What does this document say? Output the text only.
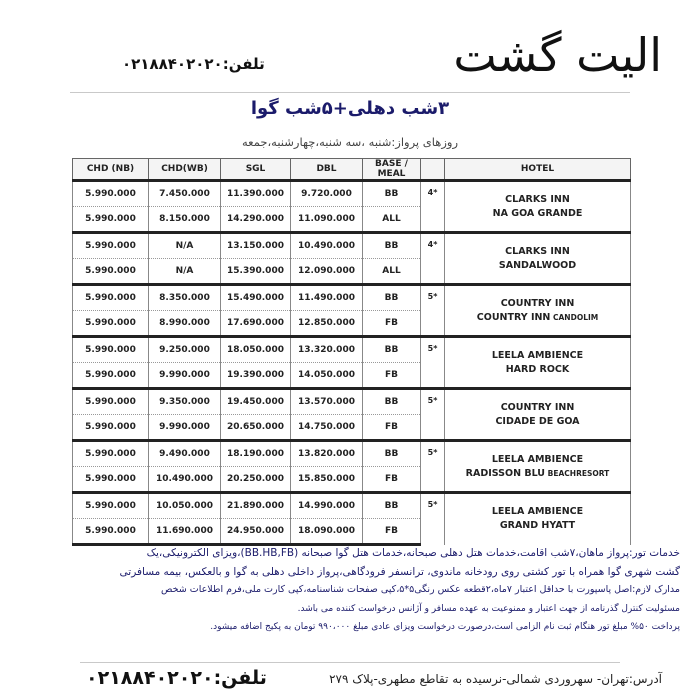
الیت گشت
تلفن:۰۲۱۸۸۴۰۲۰۲۰
۳شب دهلی+۵شب گوا
روزهای پرواز:شنبه ،سه شنبه،چهارشنبه،جمعه
CHD (NB)	CHD(WB)	SGL	DBL	BASE / MEAL		HOTEL
5.990.000	7.450.000	11.390.000	9.720.000	BB	4*	CLARKS INN
NA GOA GRANDE

5.990.000	8.150.000	14.290.000	11.090.000	ALL		
5.990.000	N/A	13.150.000	10.490.000	BB	4*	CLARKS INN
SANDALWOOD

5.990.000	N/A	15.390.000	12.090.000	ALL		
5.990.000	8.350.000	15.490.000	11.490.000	BB	5*	COUNTRY INN
COUNTRY INN CANDOLIM

5.990.000	8.990.000	17.690.000	12.850.000	FB		
5.990.000	9.250.000	18.050.000	13.320.000	BB	5*	LEELA AMBIENCE
HARD ROCK

5.990.000	9.990.000	19.390.000	14.050.000	FB		
5.990.000	9.350.000	19.450.000	13.570.000	BB	5*	COUNTRY INN
CIDADE DE GOA

5.990.000	9.990.000	20.650.000	14.750.000	FB		
5.990.000	9.490.000	18.190.000	13.820.000	BB	5*	LEELA AMBIENCE
RADISSON BLU BEACHRESORT

5.990.000	10.490.000	20.250.000	15.850.000	FB		
5.990.000	10.050.000	21.890.000	14.990.000	BB	5*	LEELA AMBIENCE
GRAND HYATT

5.990.000	11.690.000	24.950.000	18.090.000	FB		

خدمات تور:پرواز ماهان،۷شب اقامت،خدمات هتل دهلی صبحانه،خدمات هتل گوا صبحانه (BB.HB,FB)،ویزای الکترونیکی،یک

گشت شهری گوا همراه با تور کشتی روی رودخانه ماندوی، ترانسفر فرودگاهی،پرواز داخلی دهلی به گوا و بالعکس، بیمه مسافرتی

مدارک لازم:اصل پاسپورت با حداقل اعتبار ۷ماه،۲قطعه عکس رنگی۵*۵،کپی صفحات شناسنامه،کپی کارت ملی،فرم اطلاعات شخص

مسئولیت کنترل گذرنامه از جهت اعتبار و ممنوعیت به عهده مسافر و آژانس درخواست کننده می باشد.

پرداخت ۵۰% مبلغ تور هنگام ثبت نام الزامی است،درصورت درخواست ویزای عادی مبلغ ۹۹۰،۰۰۰ تومان به پکیج اضافه میشود.

تلفن:۰۲۱۸۸۴۰۲۰۲۰	آدرس:تهران- سهروردی شمالی-نرسیده به تقاطع مطهری-پلاک ۲۷۹
